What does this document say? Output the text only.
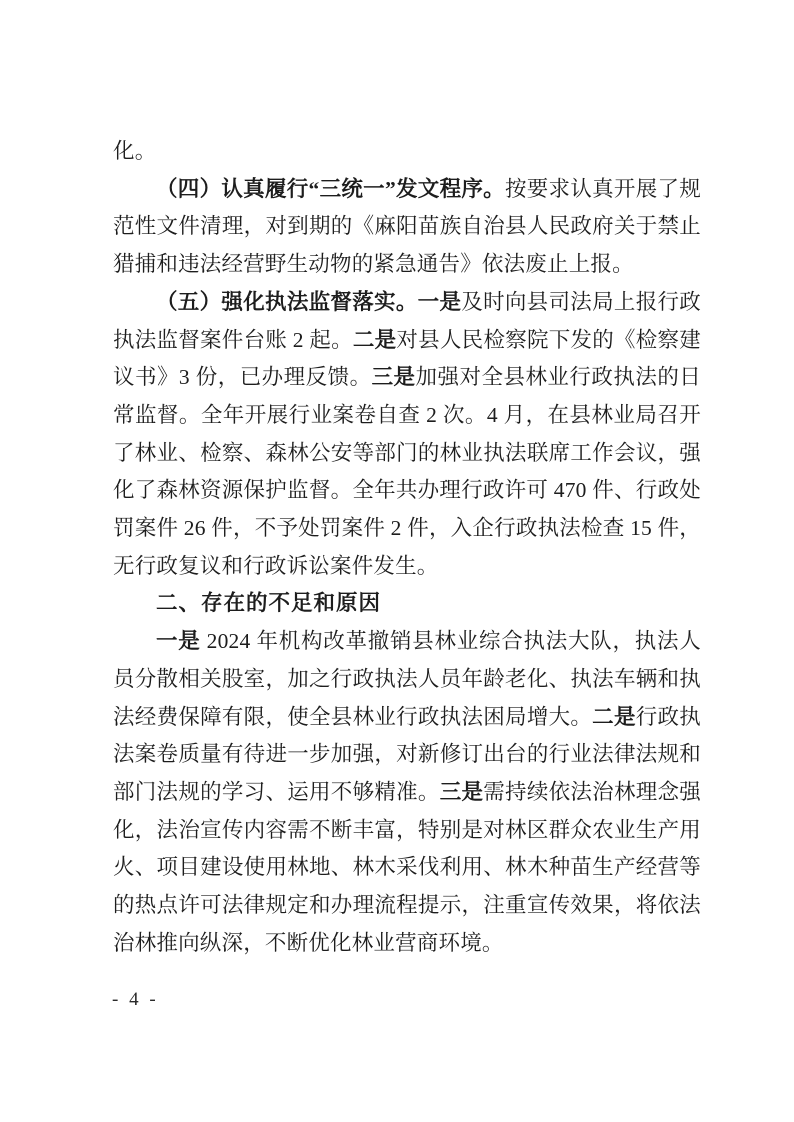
化。

（四）认真履行“三统一”发文程序。按要求认真开展了规范性文件清理，对到期的《麻阳苗族自治县人民政府关于禁止猎捕和违法经营野生动物的紧急通告》依法废止上报。

（五）强化执法监督落实。一是及时向县司法局上报行政执法监督案件台账 2 起。二是对县人民检察院下发的《检察建议书》3 份，已办理反馈。三是加强对全县林业行政执法的日常监督。全年开展行业案卷自查 2 次。4 月，在县林业局召开了林业、检察、森林公安等部门的林业执法联席工作会议，强化了森林资源保护监督。全年共办理行政许可 470 件、行政处罚案件 26 件，不予处罚案件 2 件，入企行政执法检查 15 件，无行政复议和行政诉讼案件发生。

二、存在的不足和原因

一是 2024 年机构改革撤销县林业综合执法大队，执法人员分散相关股室，加之行政执法人员年龄老化、执法车辆和执法经费保障有限，使全县林业行政执法困局增大。二是行政执法案卷质量有待进一步加强，对新修订出台的行业法律法规和部门法规的学习、运用不够精准。三是需持续依法治林理念强化，法治宣传内容需不断丰富，特别是对林区群众农业生产用火、项目建设使用林地、林木采伐利用、林木种苗生产经营等的热点许可法律规定和办理流程提示，注重宣传效果，将依法治林推向纵深，不断优化林业营商环境。

- 4 -
